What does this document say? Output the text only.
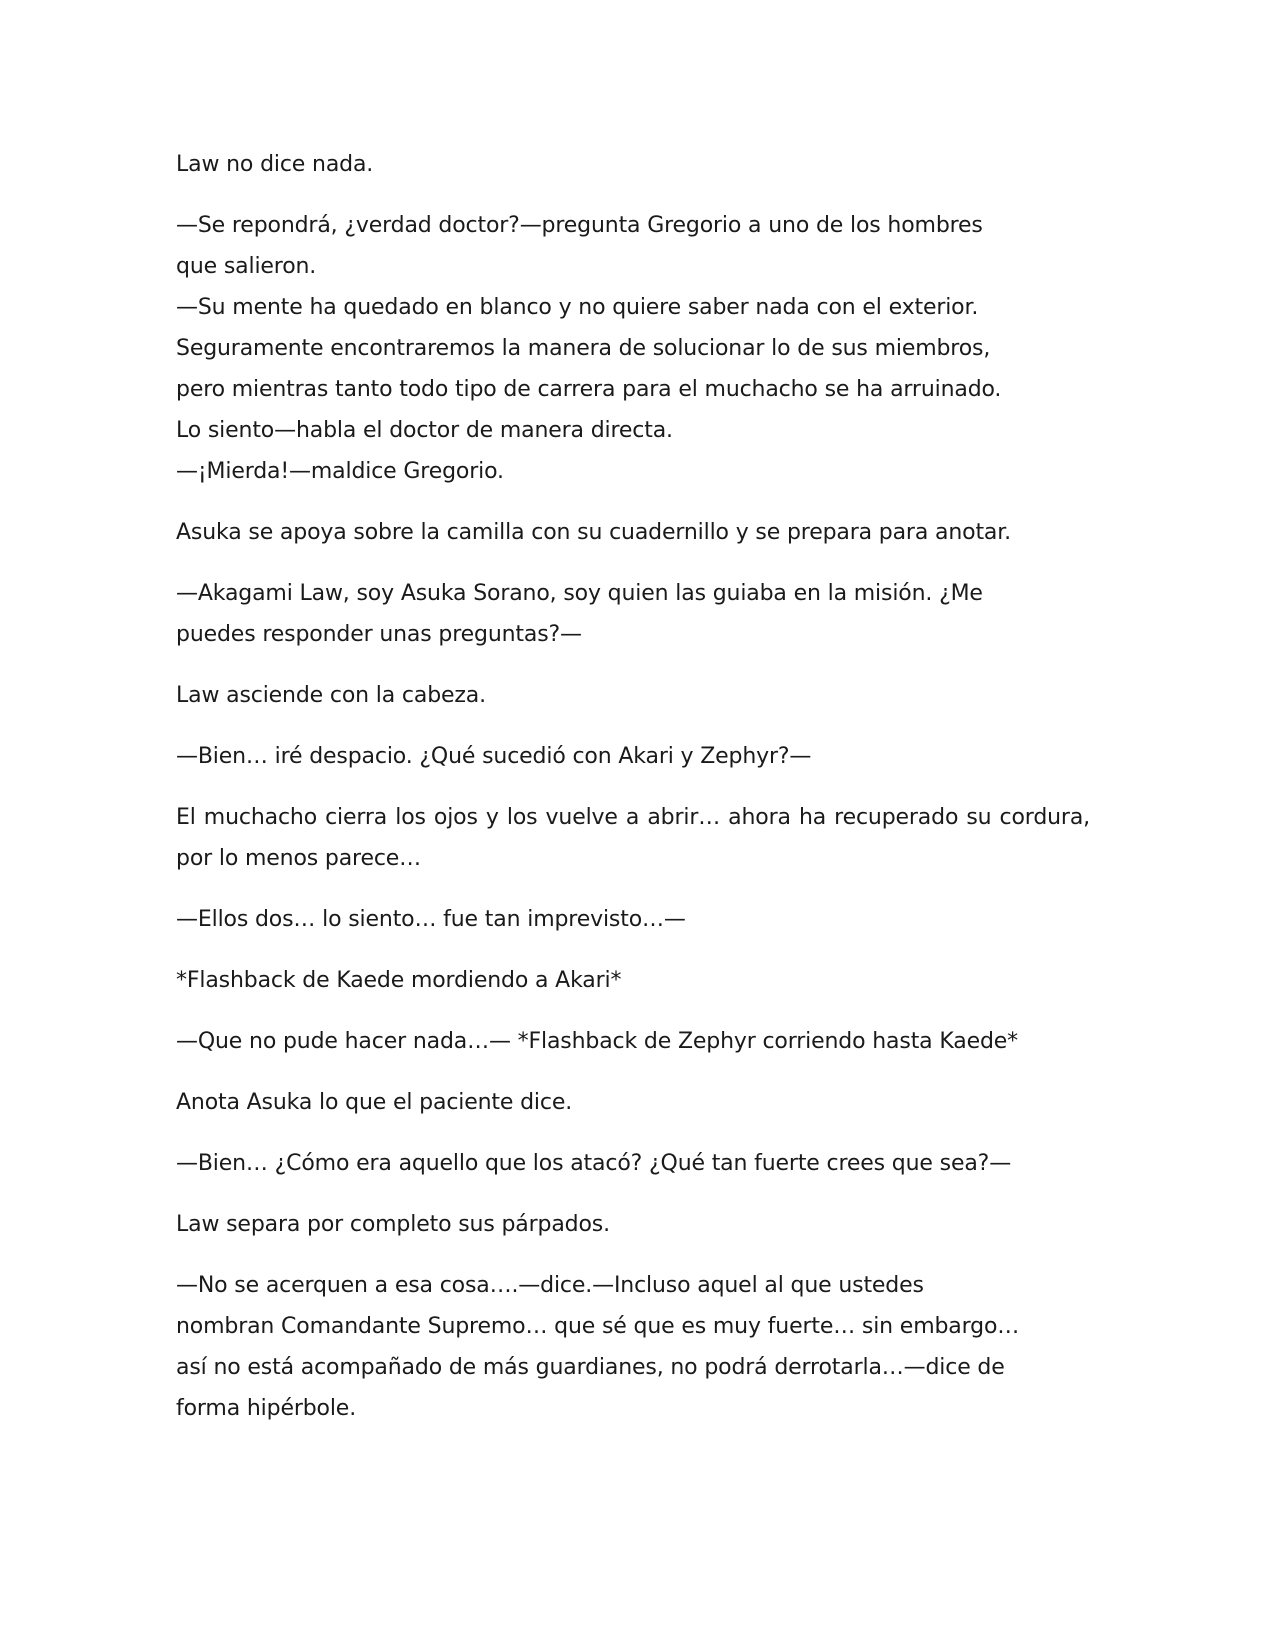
Law no dice nada.

—Se repondrá, ¿verdad doctor?—pregunta Gregorio a uno de los hombres

que salieron.

—Su mente ha quedado en blanco y no quiere saber nada con el exterior.

Seguramente encontraremos la manera de solucionar lo de sus miembros,

pero mientras tanto todo tipo de carrera para el muchacho se ha arruinado.

Lo siento—habla el doctor de manera directa.

—¡Mierda!—maldice Gregorio.

Asuka se apoya sobre la camilla con su cuadernillo y se prepara para anotar.

—Akagami Law, soy Asuka Sorano, soy quien las guiaba en la misión. ¿Me

puedes responder unas preguntas?—

Law asciende con la cabeza.

—Bien… iré despacio. ¿Qué sucedió con Akari y Zephyr?—

El muchacho cierra los ojos y los vuelve a abrir… ahora ha recuperado su cordura, por lo menos parece…

—Ellos dos… lo siento… fue tan imprevisto…—

*Flashback de Kaede mordiendo a Akari*

—Que no pude hacer nada…— *Flashback de Zephyr corriendo hasta Kaede*

Anota Asuka lo que el paciente dice.

—Bien… ¿Cómo era aquello que los atacó? ¿Qué tan fuerte crees que sea?—

Law separa por completo sus párpados.

—No se acerquen a esa cosa….—dice.—Incluso aquel al que ustedes

nombran Comandante Supremo… que sé que es muy fuerte… sin embargo…

así no está acompañado de más guardianes, no podrá derrotarla…—dice de

forma hipérbole.
